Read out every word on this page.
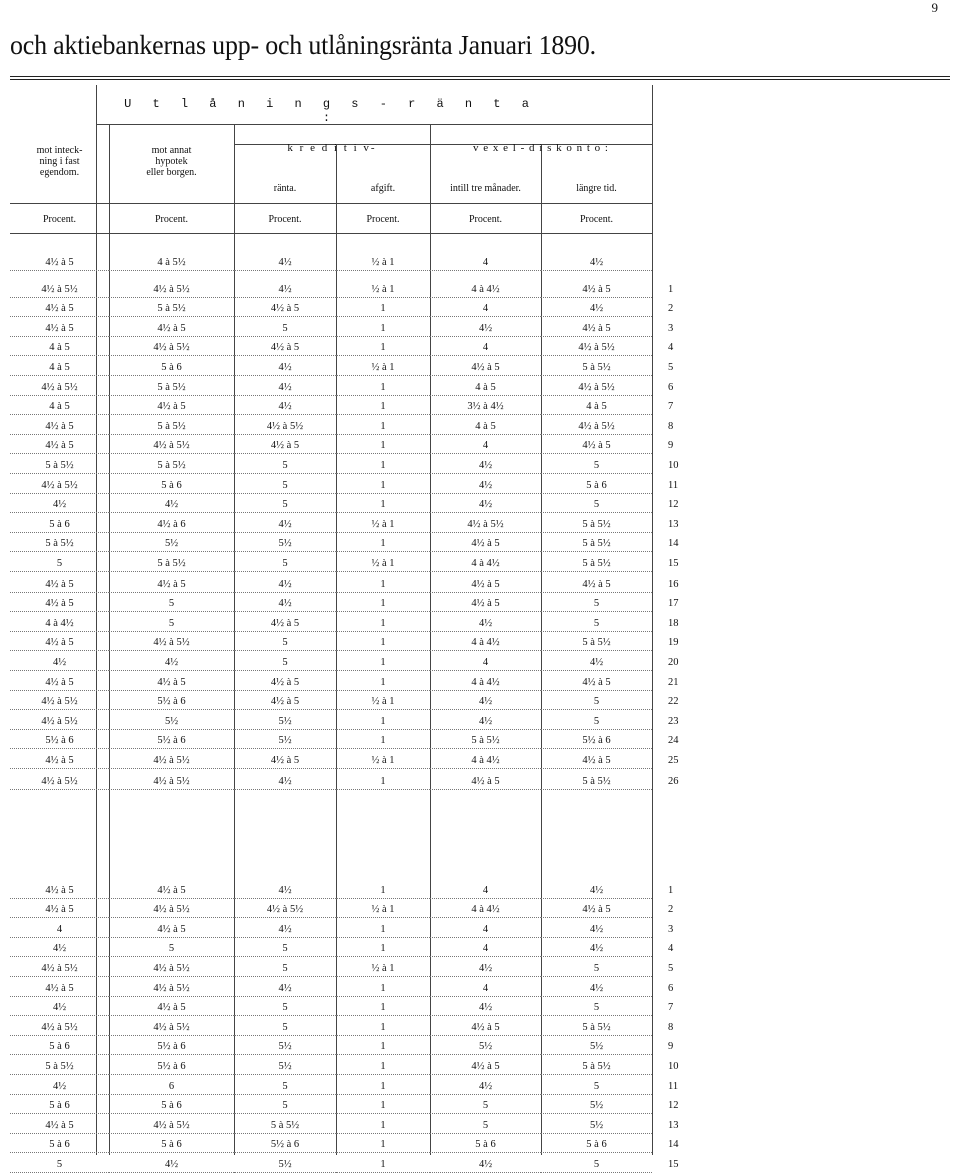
9
och aktiebankernas upp- och utlåningsränta Januari 1890.
U t l å n i n g s - r ä n t a :
mot inteck-
ning i fast
egendom.
mot annat
hypotek
eller borgen.
k r e d i t i v-
ränta.	afgift.
v e x e l - d i s k o n t o :
intill tre månader.	längre tid.
Procent.	Procent.	Procent.	Procent.	Procent.	Procent.
4½ à 5	4 à 5½	4½	½ à 1	4	4½
4½ à 5½	4½ à 5½	4½	½ à 1	4 à 4½	4½ à 5	1
4½ à 5	5 à 5½	4½ à 5	1	4	4½	2
4½ à 5	4½ à 5	5	1	4½	4½ à 5	3
4 à 5	4½ à 5½	4½ à 5	1	4	4½ à 5½	4
4 à 5	5 à 6	4½	½ à 1	4½ à 5	5 à 5½	5
4½ à 5½	5 à 5½	4½	1	4 à 5	4½ à 5½	6
4 à 5	4½ à 5	4½	1	3½ à 4½	4 à 5	7
4½ à 5	5 à 5½	4½ à 5½	1	4 à 5	4½ à 5½	8
4½ à 5	4½ à 5½	4½ à 5	1	4	4½ à 5	9
5 à 5½	5 à 5½	5	1	4½	5	10
4½ à 5½	5 à 6	5	1	4½	5 à 6	11
4½	4½	5	1	4½	5	12
5 à 6	4½ à 6	4½	½ à 1	4½ à 5½	5 à 5½	13
5 à 5½	5½	5½	1	4½ à 5	5 à 5½	14
5	5 à 5½	5	½ à 1	4 à 4½	5 à 5½	15
4½ à 5	4½ à 5	4½	1	4½ à 5	4½ à 5	16
4½ à 5	5	4½	1	4½ à 5	5	17
4 à 4½	5	4½ à 5	1	4½	5	18
4½ à 5	4½ à 5½	5	1	4 à 4½	5 à 5½	19
4½	4½	5	1	4	4½	20
4½ à 5	4½ à 5	4½ à 5	1	4 à 4½	4½ à 5	21
4½ à 5½	5½ à 6	4½ à 5	½ à 1	4½	5	22
4½ à 5½	5½	5½	1	4½	5	23
5½ à 6	5½ à 6	5½	1	5 à 5½	5½ à 6	24
4½ à 5	4½ à 5½	4½ à 5	½ à 1	4 à 4½	4½ à 5	25
4½ à 5½	4½ à 5½	4½	1	4½ à 5	5 à 5½	26
4½ à 5	4½ à 5	4½	1	4	4½	1
4½ à 5	4½ à 5½	4½ à 5½	½ à 1	4 à 4½	4½ à 5	2
4	4½ à 5	4½	1	4	4½	3
4½	5	5	1	4	4½	4
4½ à 5½	4½ à 5½	5	½ à 1	4½	5	5
4½ à 5	4½ à 5½	4½	1	4	4½	6
4½	4½ à 5	5	1	4½	5	7
4½ à 5½	4½ à 5½	5	1	4½ à 5	5 à 5½	8
5 à 6	5½ à 6	5½	1	5½	5½	9
5 à 5½	5½ à 6	5½	1	4½ à 5	5 à 5½	10
4½	6	5	1	4½	5	11
5 à 6	5 à 6	5	1	5	5½	12
4½ à 5	4½ à 5½	5 à 5½	1	5	5½	13
5 à 6	5 à 6	5½ à 6	1	5 à 6	5 à 6	14
5	4½	5½	1	4½	5	15
